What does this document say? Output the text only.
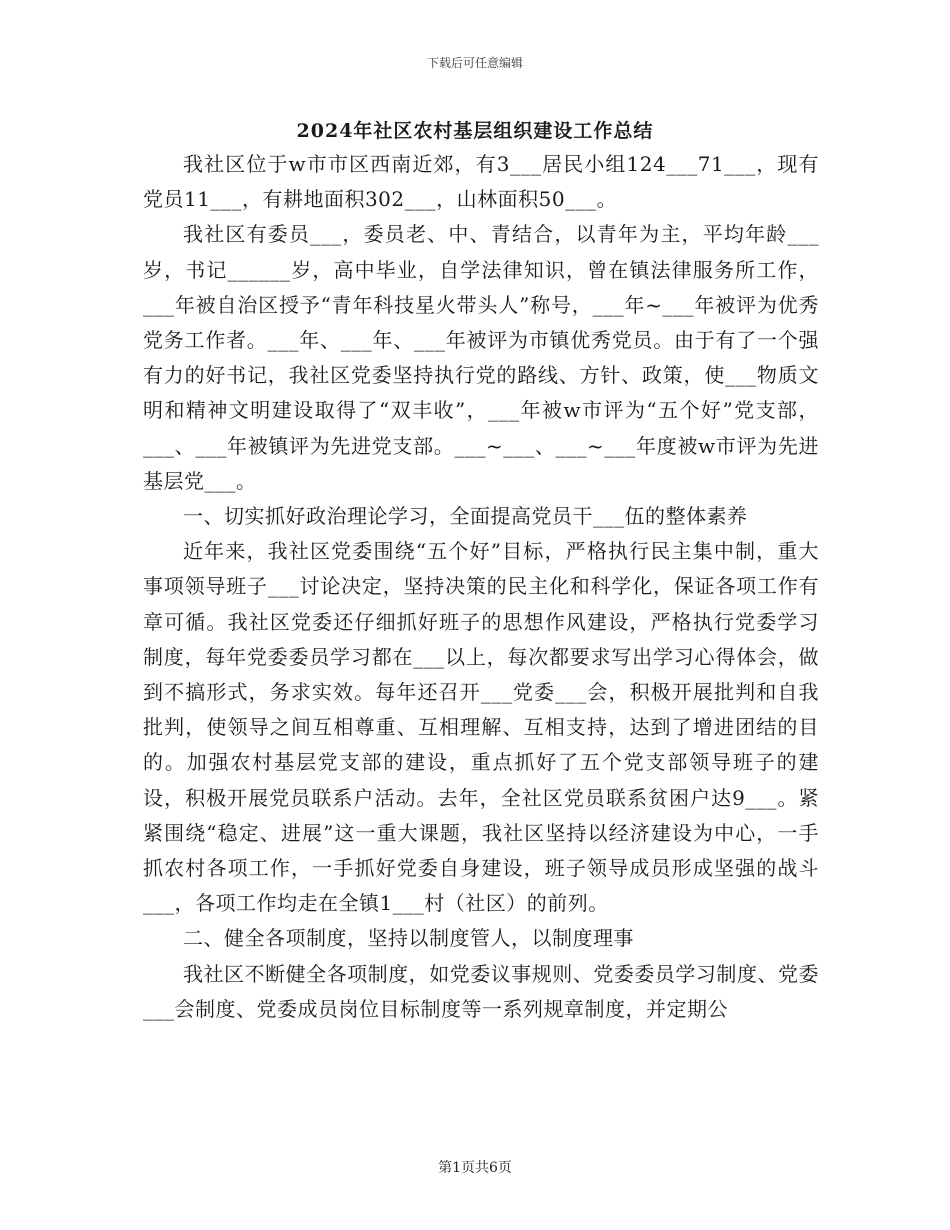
下载后可任意编辑
2024年社区农村基层组织建设工作总结

我社区位于w市市区西南近郊，有3___居民小组124___71___，现有党员11___，有耕地面积302___，山林面积50___。

我社区有委员___，委员老、中、青结合，以青年为主，平均年龄___岁，书记______岁，高中毕业，自学法律知识，曾在镇法律服务所工作，___年被自治区授予“青年科技星火带头人”称号，___年~___年被评为优秀党务工作者。___年、___年、___年被评为市镇优秀党员。由于有了一个强有力的好书记，我社区党委坚持执行党的路线、方针、政策，使___物质文明和精神文明建设取得了“双丰收”，___年被w市评为“五个好”党支部，___、___年被镇评为先进党支部。___~___、___~___年度被w市评为先进基层党___。

一、切实抓好政治理论学习，全面提高党员干___伍的整体素养

近年来，我社区党委围绕“五个好”目标，严格执行民主集中制，重大事项领导班子___讨论决定，坚持决策的民主化和科学化，保证各项工作有章可循。我社区党委还仔细抓好班子的思想作风建设，严格执行党委学习制度，每年党委委员学习都在___以上，每次都要求写出学习心得体会，做到不搞形式，务求实效。每年还召开___党委___会，积极开展批判和自我批判，使领导之间互相尊重、互相理解、互相支持，达到了增进团结的目的。加强农村基层党支部的建设，重点抓好了五个党支部领导班子的建设，积极开展党员联系户活动。去年，全社区党员联系贫困户达9___。紧紧围绕“稳定、进展”这一重大课题，我社区坚持以经济建设为中心，一手抓农村各项工作，一手抓好党委自身建设，班子领导成员形成坚强的战斗___，各项工作均走在全镇1___村（社区）的前列。

二、健全各项制度，坚持以制度管人，以制度理事

我社区不断健全各项制度，如党委议事规则、党委委员学习制度、党委___会制度、党委成员岗位目标制度等一系列规章制度，并定期公

第1页共6页
